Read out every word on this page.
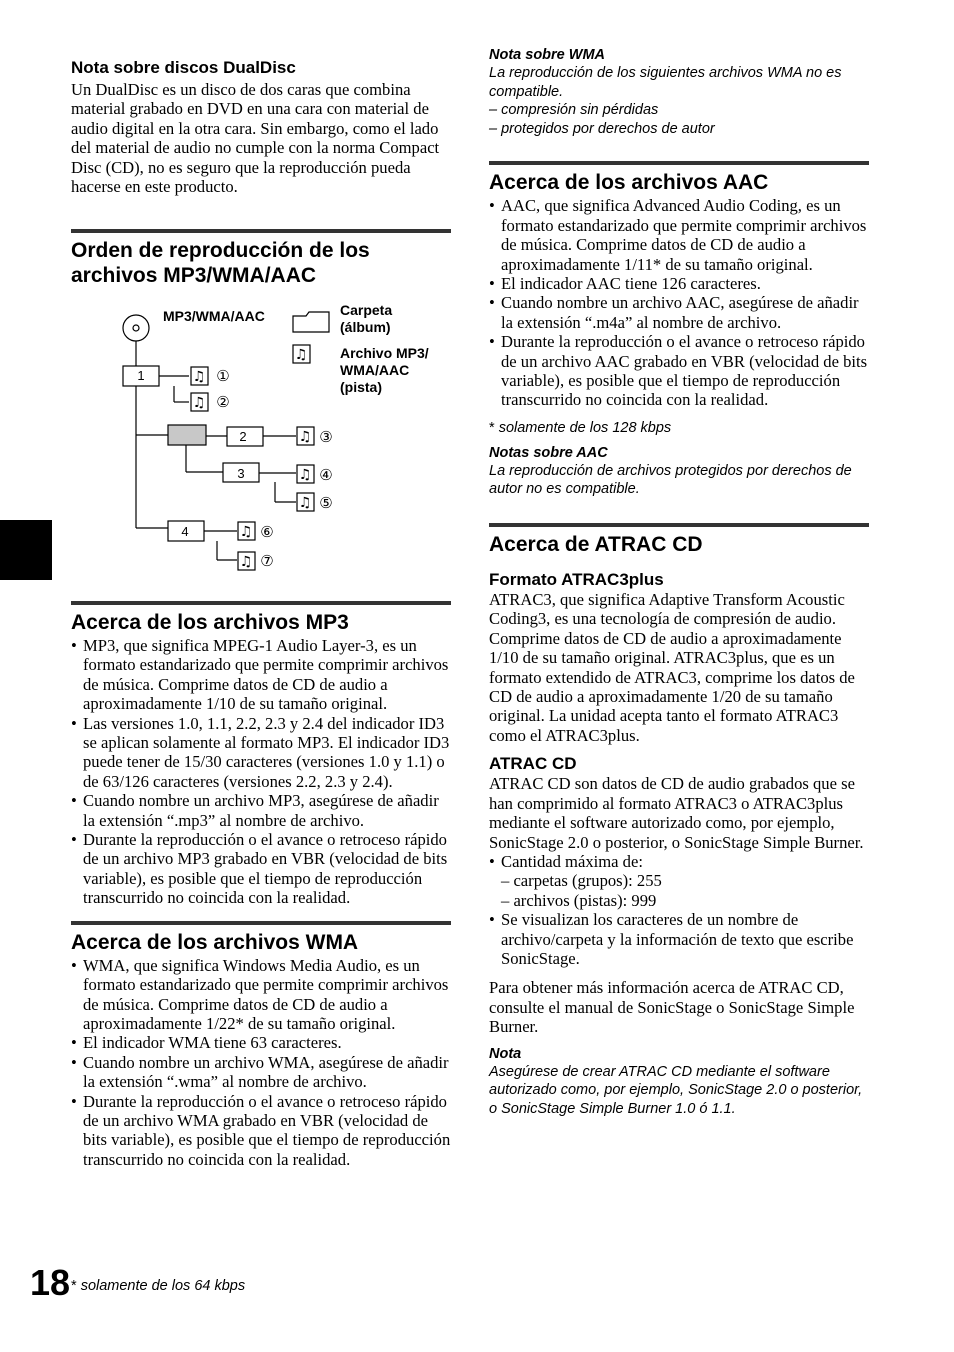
Nota sobre discos DualDisc

Un DualDisc es un disco de dos caras que combina material grabado en DVD en una cara con material de audio digital en la otra cara. Sin embargo, como el lado del material de audio no cumple con la norma Compact Disc (CD), no es seguro que la reproducción pueda hacerse en este producto.

Orden de reproducción de los archivos MP3/WMA/AAC
♫
♫
♫
♫
♫
♫
♫
♫
1
2
3
4
①
②
③
④
⑤
⑥
⑦
MP3/WMA/AAC	Carpeta (álbum)
Archivo MP3/ WMA/AAC (pista)
Acerca de los archivos MP3
• MP3, que significa MPEG-1 Audio Layer-3, es un formato estandarizado que permite comprimir archivos de música. Comprime datos de CD de audio a aproximadamente 1/10 de su tamaño original.
• Las versiones 1.0, 1.1, 2.2, 2.3 y 2.4 del indicador ID3 se aplican solamente al formato MP3. El indicador ID3 puede tener de 15/30 caracteres (versiones 1.0 y 1.1) o de 63/126 caracteres (versiones 2.2, 2.3 y 2.4).
• Cuando nombre un archivo MP3, asegúrese de añadir la extensión “.mp3” al nombre de archivo.
• Durante la reproducción o el avance o retroceso rápido de un archivo MP3 grabado en VBR (velocidad de bits variable), es posible que el tiempo de reproducción transcurrido no coincida con la realidad.
Acerca de los archivos WMA
• WMA, que significa Windows Media Audio, es un formato estandarizado que permite comprimir archivos de música. Comprime datos de CD de audio a aproximadamente 1/22* de su tamaño original.
• El indicador WMA tiene 63 caracteres.
• Cuando nombre un archivo WMA, asegúrese de añadir la extensión “.wma” al nombre de archivo.
• Durante la reproducción o el avance o retroceso rápido de un archivo WMA grabado en VBR (velocidad de bits variable), es posible que el tiempo de reproducción transcurrido no coincida con la realidad.
18 * solamente de los 64 kbps
Nota sobre WMA
La reproducción de los siguientes archivos WMA no es compatible.
– compresión sin pérdidas
– protegidos por derechos de autor
Acerca de los archivos AAC
• AAC, que significa Advanced Audio Coding, es un formato estandarizado que permite comprimir archivos de música. Comprime datos de CD de audio a aproximadamente 1/11* de su tamaño original.
• El indicador AAC tiene 126 caracteres.
• Cuando nombre un archivo AAC, asegúrese de añadir la extensión “.m4a” al nombre de archivo.
• Durante la reproducción o el avance o retroceso rápido de un archivo AAC grabado en VBR (velocidad de bits variable), es posible que el tiempo de reproducción transcurrido no coincida con la realidad.
* solamente de los 128 kbps
Notas sobre AAC
La reproducción de archivos protegidos por derechos de autor no es compatible.
Acerca de ATRAC CD
Formato ATRAC3plus

ATRAC3, que significa Adaptive Transform Acoustic Coding3, es una tecnología de compresión de audio. Comprime datos de CD de audio a aproximadamente 1/10 de su tamaño original. ATRAC3plus, que es un formato extendido de ATRAC3, comprime los datos de CD de audio a aproximadamente 1/20 de su tamaño original. La unidad acepta tanto el formato ATRAC3 como el ATRAC3plus.

ATRAC CD

ATRAC CD son datos de CD de audio grabados que se han comprimido al formato ATRAC3 o ATRAC3plus mediante el software autorizado como, por ejemplo, SonicStage 2.0 o posterior, o SonicStage Simple Burner.

• Cantidad máxima de:
– carpetas (grupos): 255
– archivos (pistas): 999
• Se visualizan los caracteres de un nombre de archivo/carpeta y la información de texto que escribe SonicStage.

Para obtener más información acerca de ATRAC CD, consulte el manual de SonicStage o SonicStage Simple Burner.

Nota
Asegúrese de crear ATRAC CD mediante el software autorizado como, por ejemplo, SonicStage 2.0 o posterior, o SonicStage Simple Burner 1.0 ó 1.1.
